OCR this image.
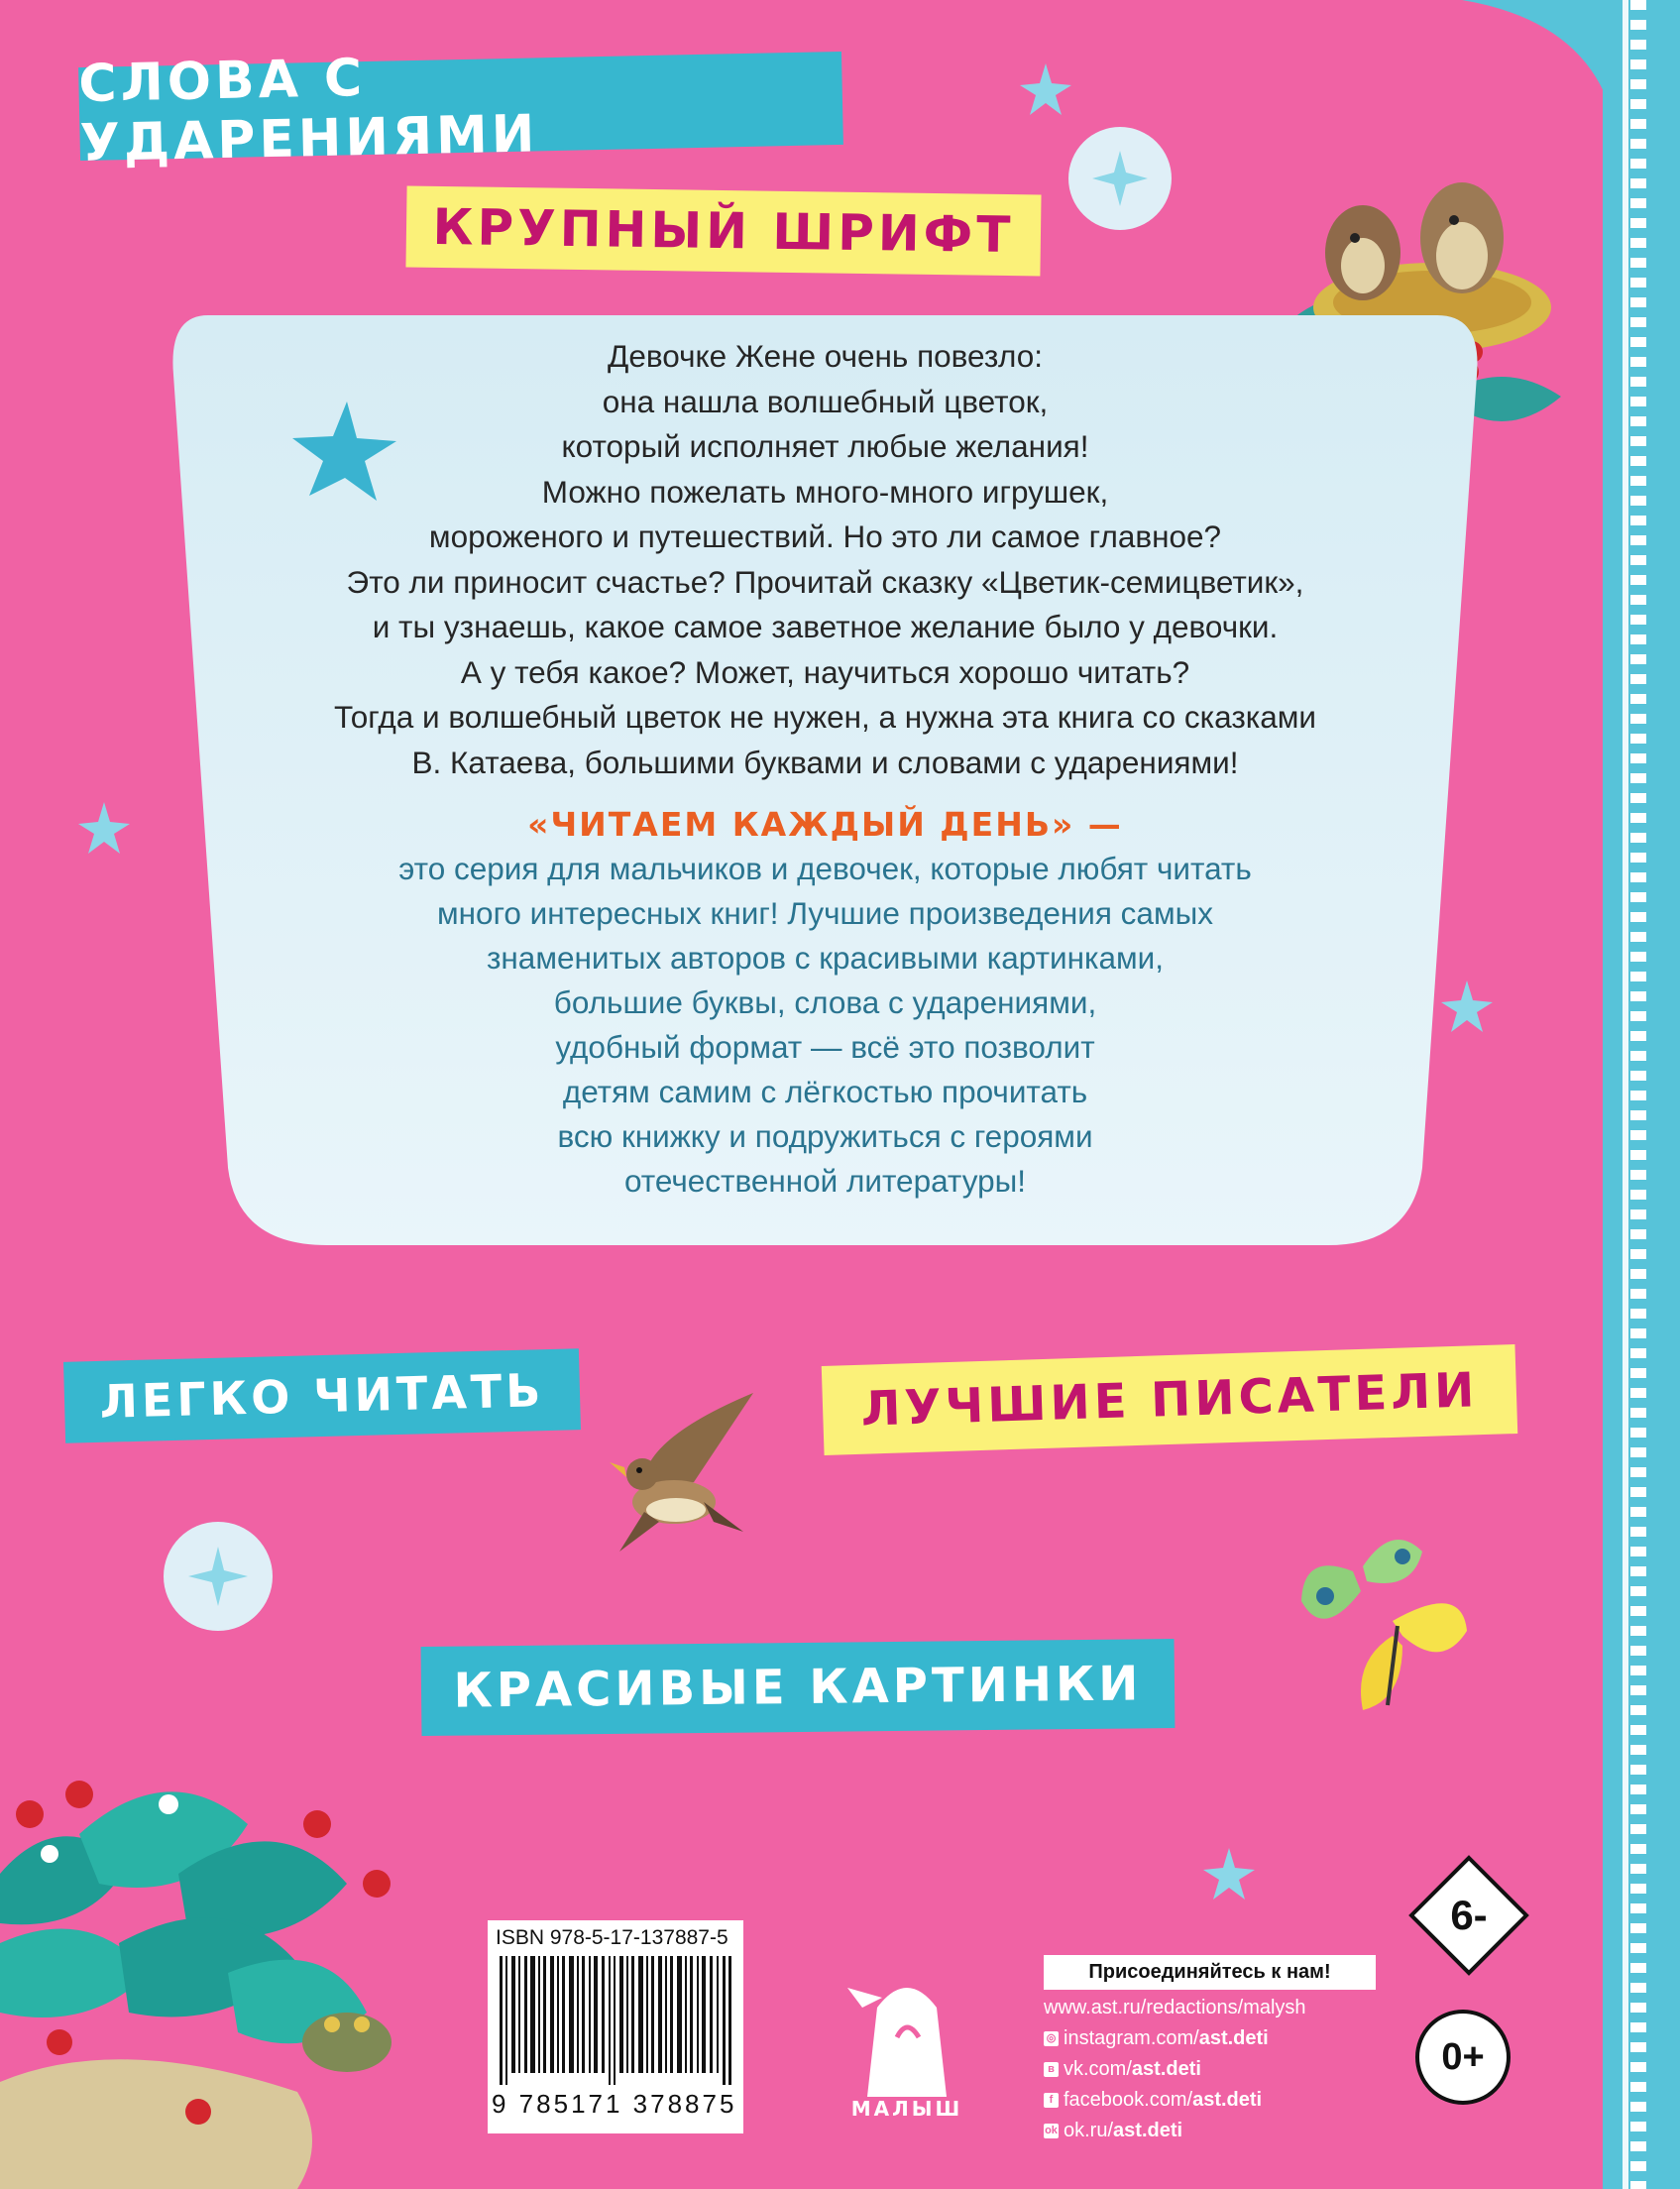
СЛОВА С УДАРЕНИЯМИ
КРУПНЫЙ ШРИФТ
Девочке Жене очень повезло:
она нашла волшебный цветок,
который исполняет любые желания!
Можно пожелать много-много игрушек,
мороженого и путешествий. Но это ли самое главное?
Это ли приносит счастье? Прочитай сказку «Цветик-семицветик»,
и ты узнаешь, какое самое заветное желание было у девочки.
А у тебя какое? Может, научиться хорошо читать?
Тогда и волшебный цветок не нужен, а нужна эта книга со сказками
В. Катаева, большими буквами и словами с ударениями!
«ЧИТАЕМ КАЖДЫЙ ДЕНЬ» —
это серия для мальчиков и девочек, которые любят читать
много интересных книг! Лучшие произведения самых
знаменитых авторов с красивыми картинками,
большие буквы, слова с ударениями,
удобный формат — всё это позволит
детям самим с лёгкостью прочитать
всю книжку и подружиться с героями
отечественной литературы!
ЛЕГКО ЧИТАТЬ	ЛУЧШИЕ ПИСАТЕЛИ
КРАСИВЫЕ КАРТИНКИ
ISBN 978-5-17-137887-5
9 785171 378875	МАЛЫШ
Присоединяйтесь к нам!
www.ast.ru/redactions/malysh
◎ instagram.com/ ast.deti
в vk.com/ ast.deti
f facebook.com/ ast.deti
ok ok.ru/ ast.deti
6-
0+
